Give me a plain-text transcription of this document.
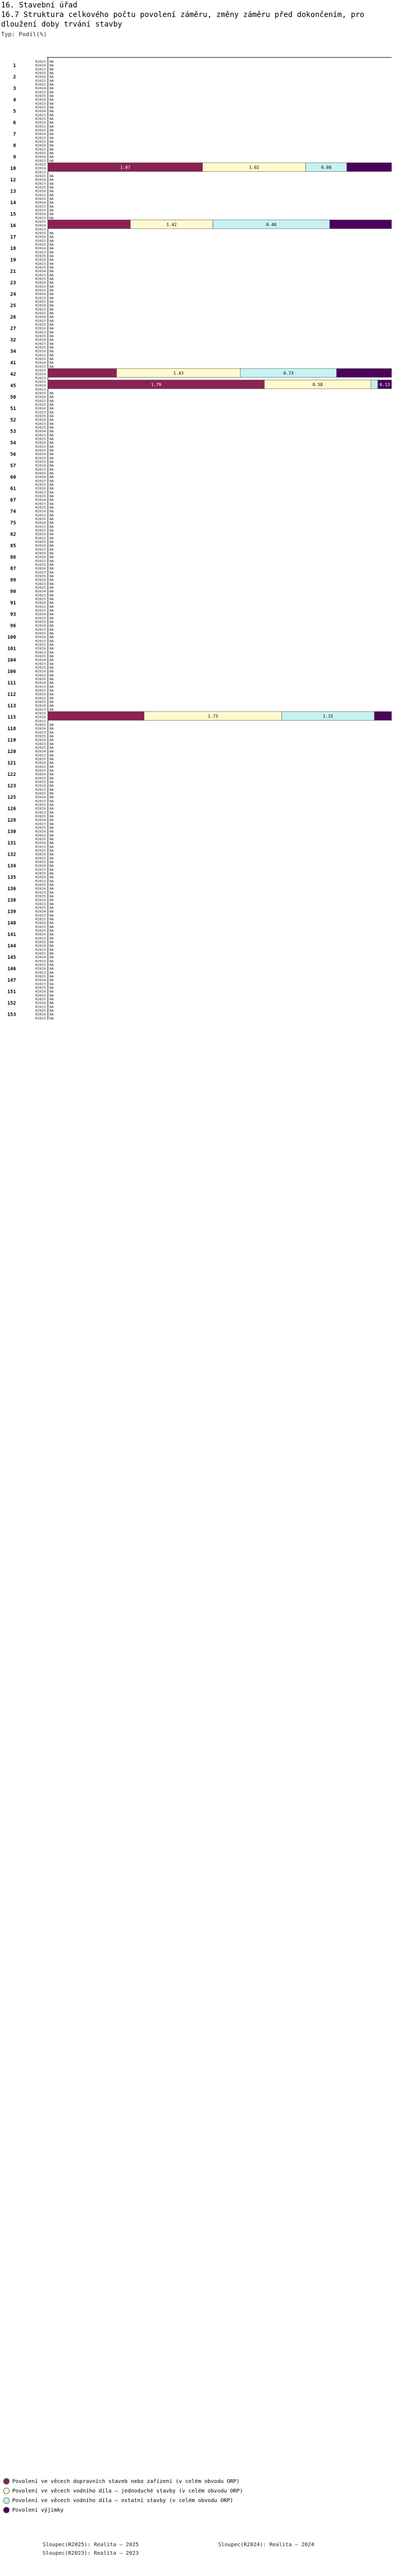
16. Stavební úřad
16.7 Struktura celkového počtu povolení záměru, změny záměru před dokončením, pro
dloužení doby trvání stavby
Typ: Podíl(%)
1
R2025 NA
R2024 NA
R2023 NA
2
R2025 NA
R2024 NA
R2023 NA
3
R2025 NA
R2024 NA
R2023 NA
4
R2025 NA
R2024 NA
R2023 NA
5
R2025 NA
R2024 NA
R2023 NA
6
R2025 NA
R2024 NA
R2023 NA
7
R2025 NA
R2024 NA
R2023 NA
8
R2025 NA
R2024 NA
R2023 NA
9
R2025 NA
R2024 NA
R2023 NA
10
R2025
1.07	1.02	0.08
R2024
R2023
12
R2025 NA
R2024 NA
R2023 NA
13
R2025 NA
R2024 NA
R2023 NA
14
R2025 NA
R2024 NA
R2023 NA
15
R2025 NA
R2024 NA
R2023 NA
16
R2025
1.42	0.40
R2024
R2023
17
R2025 NA
R2024 NA
R2023 NA
18
R2025 NA
R2024 NA
R2023 NA
19
R2025 NA
R2024 NA
R2023 NA
21
R2025 NA
R2024 NA
R2023 NA
23
R2025 NA
R2024 NA
R2023 NA
24
R2025 NA
R2024 NA
R2023 NA
25
R2025 NA
R2024 NA
R2023 NA
26
R2025 NA
R2024 NA
R2023 NA
27
R2025 NA
R2024 NA
R2023 NA
32
R2025 NA
R2024 NA
R2023 NA
34
R2025 NA
R2024 NA
R2023 NA
41
R2025 NA
R2024 NA
R2023 NA
42
R2025
1.43	0.73
R2024
R2023
45
R2025
1.79	0.58	0.13
R2024
R2023
50
R2025 NA
R2024 NA
R2023 NA
51
R2025 NA
R2024 NA
R2023 NA
52
R2025 NA
R2024 NA
R2023 NA
53
R2025 NA
R2024 NA
R2023 NA
54
R2025 NA
R2024 NA
R2023 NA
56
R2025 NA
R2024 NA
R2023 NA
57
R2025 NA
R2024 NA
R2023 NA
60
R2025 NA
R2024 NA
R2023 NA
61
R2025 NA
R2024 NA
R2023 NA
67
R2025 NA
R2024 NA
R2023 NA
74
R2025 NA
R2024 NA
R2023 NA
75
R2025 NA
R2024 NA
R2023 NA
82
R2025 NA
R2024 NA
R2023 NA
85
R2025 NA
R2024 NA
R2023 NA
86
R2025 NA
R2024 NA
R2023 NA
87
R2025 NA
R2024 NA
R2023 NA
89
R2025 NA
R2024 NA
R2023 NA
90
R2025 NA
R2024 NA
R2023 NA
91
R2025 NA
R2024 NA
R2023 NA
93
R2025 NA
R2024 NA
R2023 NA
96
R2025 NA
R2024 NA
R2023 NA
100
R2025 NA
R2024 NA
R2023 NA
101
R2025 NA
R2024 NA
R2023 NA
104
R2025 NA
R2024 NA
R2023 NA
106
R2025 NA
R2024 NA
R2023 NA
111
R2025 NA
R2024 NA
R2023 NA
112
R2025 NA
R2024 NA
R2023 NA
113
R2025 NA
R2024 NA
R2023 NA
115
R2025
1.73	1.15
R2024
R2023
118
R2025 NA
R2024 NA
R2023 NA
119
R2025 NA
R2024 NA
R2023 NA
120
R2025 NA
R2024 NA
R2023 NA
121
R2025 NA
R2024 NA
R2023 NA
122
R2025 NA
R2024 NA
R2023 NA
123
R2025 NA
R2024 NA
R2023 NA
125
R2025 NA
R2024 NA
R2023 NA
126
R2025 NA
R2024 NA
R2023 NA
128
R2025 NA
R2024 NA
R2023 NA
130
R2025 NA
R2024 NA
R2023 NA
131
R2025 NA
R2024 NA
R2023 NA
132
R2025 NA
R2024 NA
R2023 NA
134
R2025 NA
R2024 NA
R2023 NA
135
R2025 NA
R2024 NA
R2023 NA
136
R2025 NA
R2024 NA
R2023 NA
138
R2025 NA
R2024 NA
R2023 NA
139
R2025 NA
R2024 NA
R2023 NA
140
R2025 NA
R2024 NA
R2023 NA
141
R2025 NA
R2024 NA
R2023 NA
144
R2025 NA
R2024 NA
R2023 NA
145
R2025 NA
R2024 NA
R2023 NA
146
R2025 NA
R2024 NA
R2023 NA
147
R2025 NA
R2024 NA
R2023 NA
151
R2025 NA
R2024 NA
R2023 NA
152
R2025 NA
R2024 NA
R2023 NA
153
R2025 NA
R2024 NA
R2023 NA
Povolení ve věcech dopravních staveb nebo zařízení (v celém obvodu ORP)
Povolení ve věcech vodního díla — jednoduché stavby (v celém obvodu ORP)
Povolení ve věcech vodního díla — ostatní stavby (v celém obvodu ORP)
Povolení výjimky
Sloupec(R2025): Realita – 2025	Sloupec(R2024): Realita – 2024
Sloupec(R2023): Realita – 2023
